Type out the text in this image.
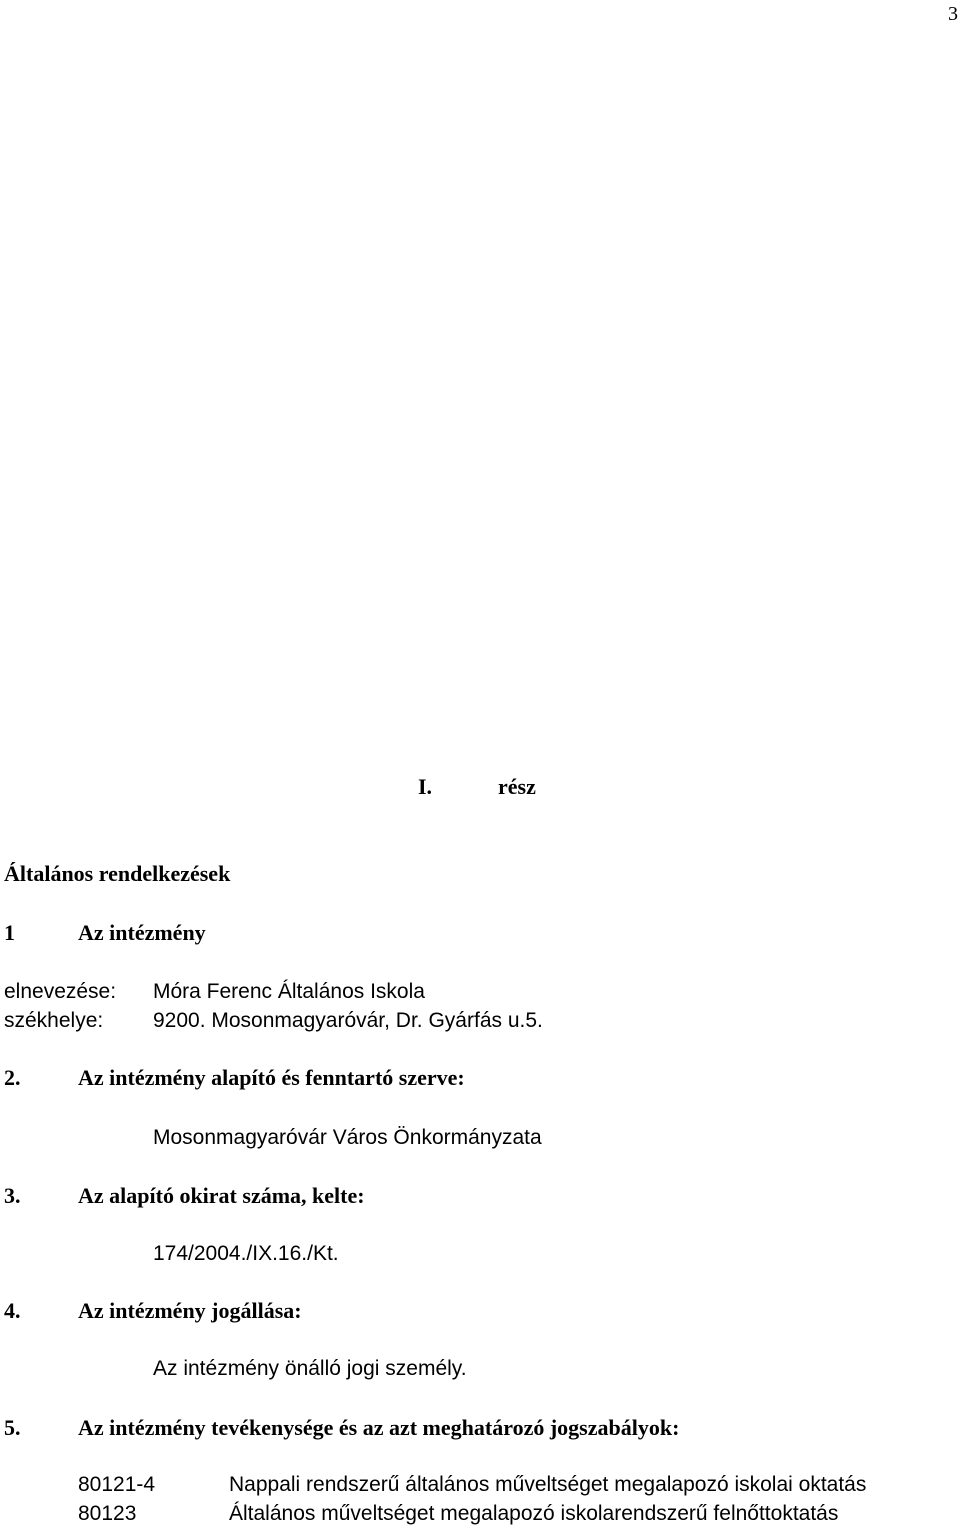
3
I.	rész
Általános rendelkezések
1	Az intézmény
elnevezése: Móra Ferenc Általános Iskola
székhelye: 9200. Mosonmagyaróvár, Dr. Gyárfás u.5.
2.	Az intézmény alapító és fenntartó szerve:
Mosonmagyaróvár Város Önkormányzata
3.	Az alapító okirat száma, kelte:
174/2004./IX.16./Kt.
4.	Az intézmény jogállása:
Az intézmény önálló jogi személy.
5.	Az intézmény tevékenysége és az azt meghatározó jogszabályok:
80121-4	Nappali rendszerű általános műveltséget megalapozó iskolai oktatás
80123	Általános műveltséget megalapozó iskolarendszerű felnőttoktatás
